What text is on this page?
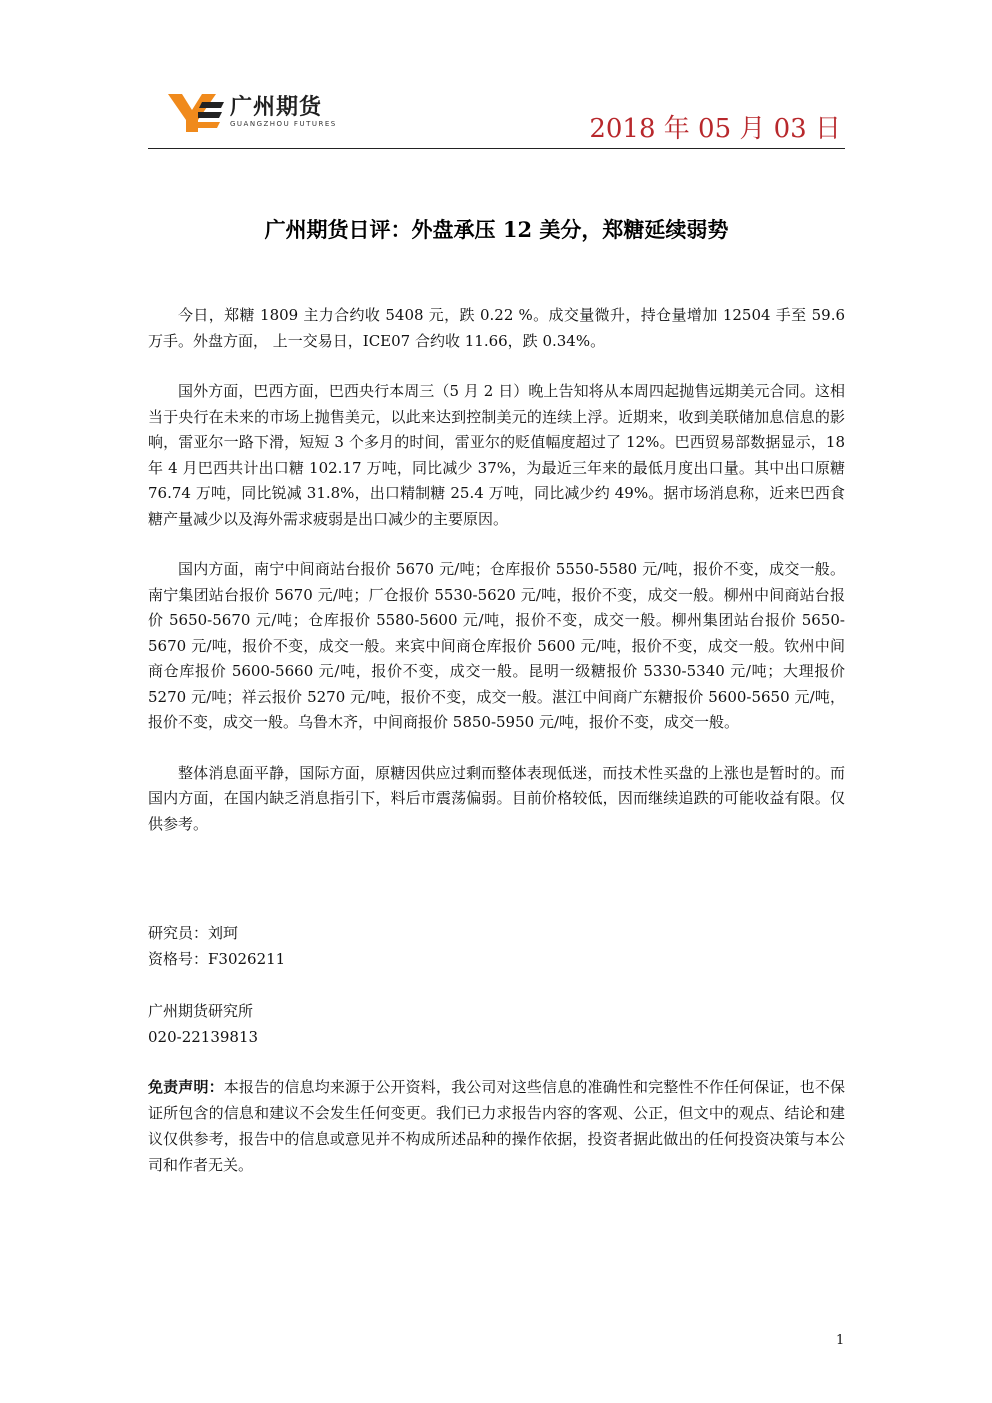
广州期货
GUANGZHOU FUTURES	2018 年 05 月 03 日
广州期货日评：外盘承压 12 美分，郑糖延续弱势

今日，郑糖 1809 主力合约收 5408 元，跌 0.22 %。成交量微升，持仓量增加 12504 手至 59.6 万手。外盘方面， 上一交易日，ICE07 合约收 11.66，跌 0.34%。

国外方面，巴西方面，巴西央行本周三（5 月 2 日）晚上告知将从本周四起抛售远期美元合同。这相当于央行在未来的市场上抛售美元，以此来达到控制美元的连续上浮。近期来，收到美联储加息信息的影响，雷亚尔一路下滑，短短 3 个多月的时间，雷亚尔的贬值幅度超过了 12%。巴西贸易部数据显示，18 年 4 月巴西共计出口糖 102.17 万吨，同比减少 37%，为最近三年来的最低月度出口量。其中出口原糖 76.74 万吨，同比锐减 31.8%，出口精制糖 25.4 万吨，同比减少约 49%。据市场消息称，近来巴西食糖产量减少以及海外需求疲弱是出口减少的主要原因。

国内方面，南宁中间商站台报价 5670 元/吨；仓库报价 5550-5580 元/吨，报价不变，成交一般。南宁集团站台报价 5670 元/吨；厂仓报价 5530-5620 元/吨，报价不变，成交一般。柳州中间商站台报价 5650-5670 元/吨；仓库报价 5580-5600 元/吨，报价不变，成交一般。柳州集团站台报价 5650-5670 元/吨，报价不变，成交一般。来宾中间商仓库报价 5600 元/吨，报价不变，成交一般。钦州中间商仓库报价 5600-5660 元/吨，报价不变，成交一般。昆明一级糖报价 5330-5340 元/吨；大理报价 5270 元/吨；祥云报价 5270 元/吨，报价不变，成交一般。湛江中间商广东糖报价 5600-5650 元/吨，报价不变，成交一般。乌鲁木齐，中间商报价 5850-5950 元/吨，报价不变，成交一般。

整体消息面平静，国际方面，原糖因供应过剩而整体表现低迷，而技术性买盘的上涨也是暂时的。而国内方面，在国内缺乏消息指引下，料后市震荡偏弱。目前价格较低，因而继续追跌的可能收益有限。仅供参考。

研究员：刘珂
资格号：F3026211
广州期货研究所
020-22139813
免责声明：本报告的信息均来源于公开资料，我公司对这些信息的准确性和完整性不作任何保证，也不保证所包含的信息和建议不会发生任何变更。我们已力求报告内容的客观、公正，但文中的观点、结论和建议仅供参考，报告中的信息或意见并不构成所述品种的操作依据，投资者据此做出的任何投资决策与本公司和作者无关。
1
